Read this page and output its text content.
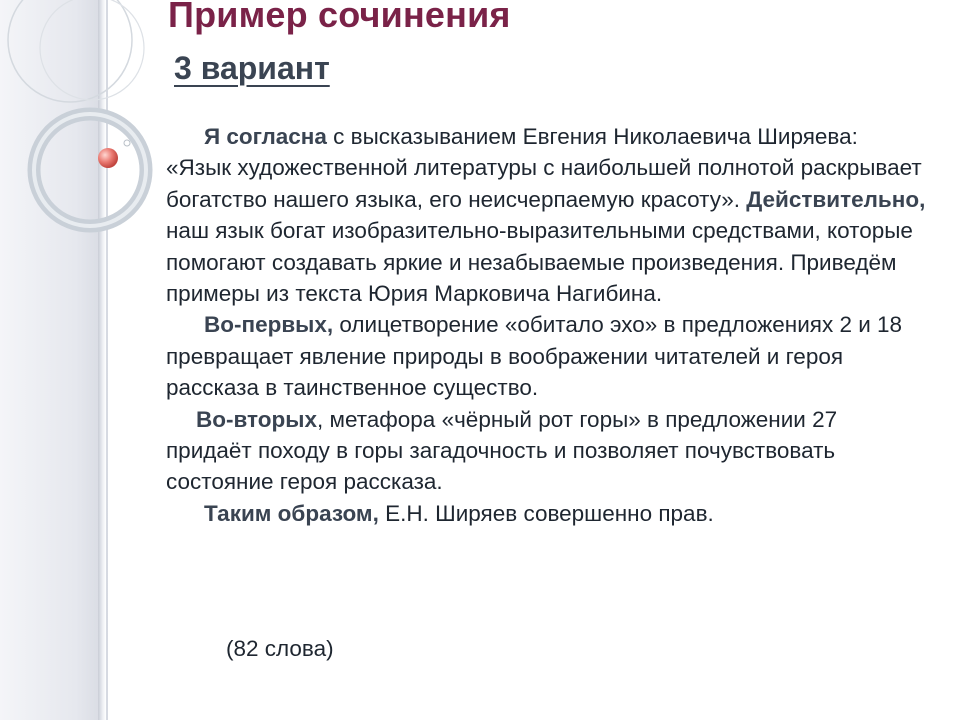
Пример сочинения
3 вариант

Я согласна с высказыванием Евгения Николаевича Ширяева: «Язык художественной литературы с наибольшей полнотой раскрывает богатство нашего языка, его неисчерпаемую красоту». Действительно, наш язык богат изобразительно-выразительными средствами, которые помогают создавать яркие и незабываемые произведения. Приведём примеры из текста Юрия Марковича Нагибина.

Во-первых, олицетворение «обитало эхо» в предложениях 2 и 18 превращает явление природы в воображении читателей и героя рассказа в таинственное существо.

Во-вторых, метафора «чёрный рот горы» в предложении 27 придаёт походу в горы загадочность и позволяет почувствовать состояние героя рассказа.

Таким образом, Е.Н. Ширяев совершенно прав.

(82 слова)
